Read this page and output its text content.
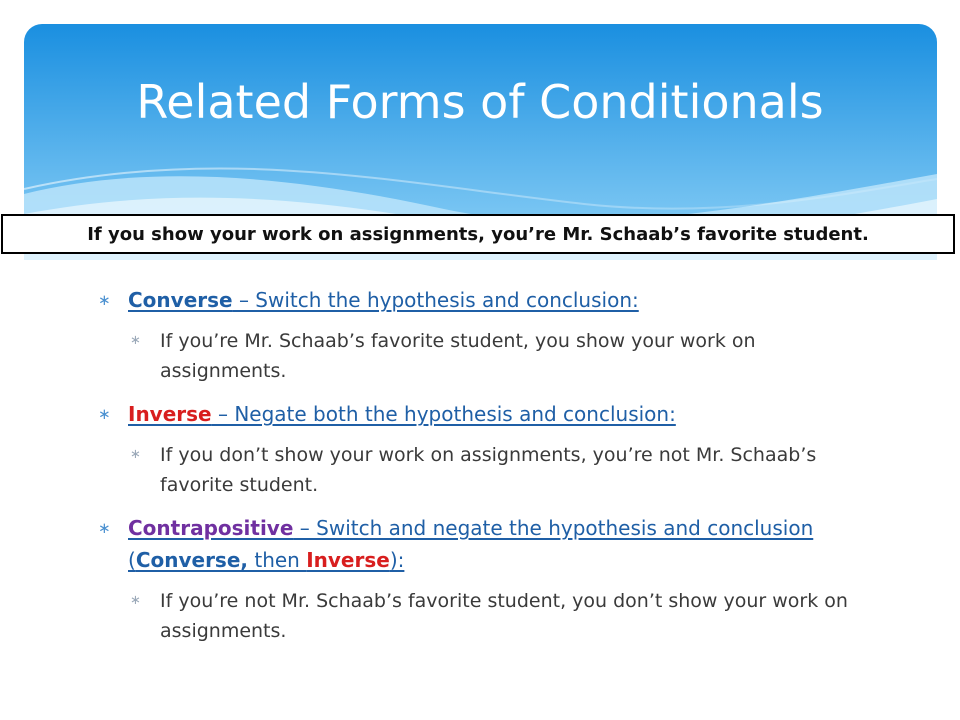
Related Forms of Conditionals
If you show your work on assignments, you’re Mr. Schaab’s favorite student.
∗ Converse – Switch the hypothesis and conclusion:
∗ If you’re Mr. Schaab’s favorite student, you show your work on assignments.
∗ Inverse – Negate both the hypothesis and conclusion:
∗ If you don’t show your work on assignments, you’re not Mr. Schaab’s favorite student.
∗ Contrapositive – Switch and negate the hypothesis and conclusion (Converse, then Inverse):
∗ If you’re not Mr. Schaab’s favorite student, you don’t show your work on assignments.
